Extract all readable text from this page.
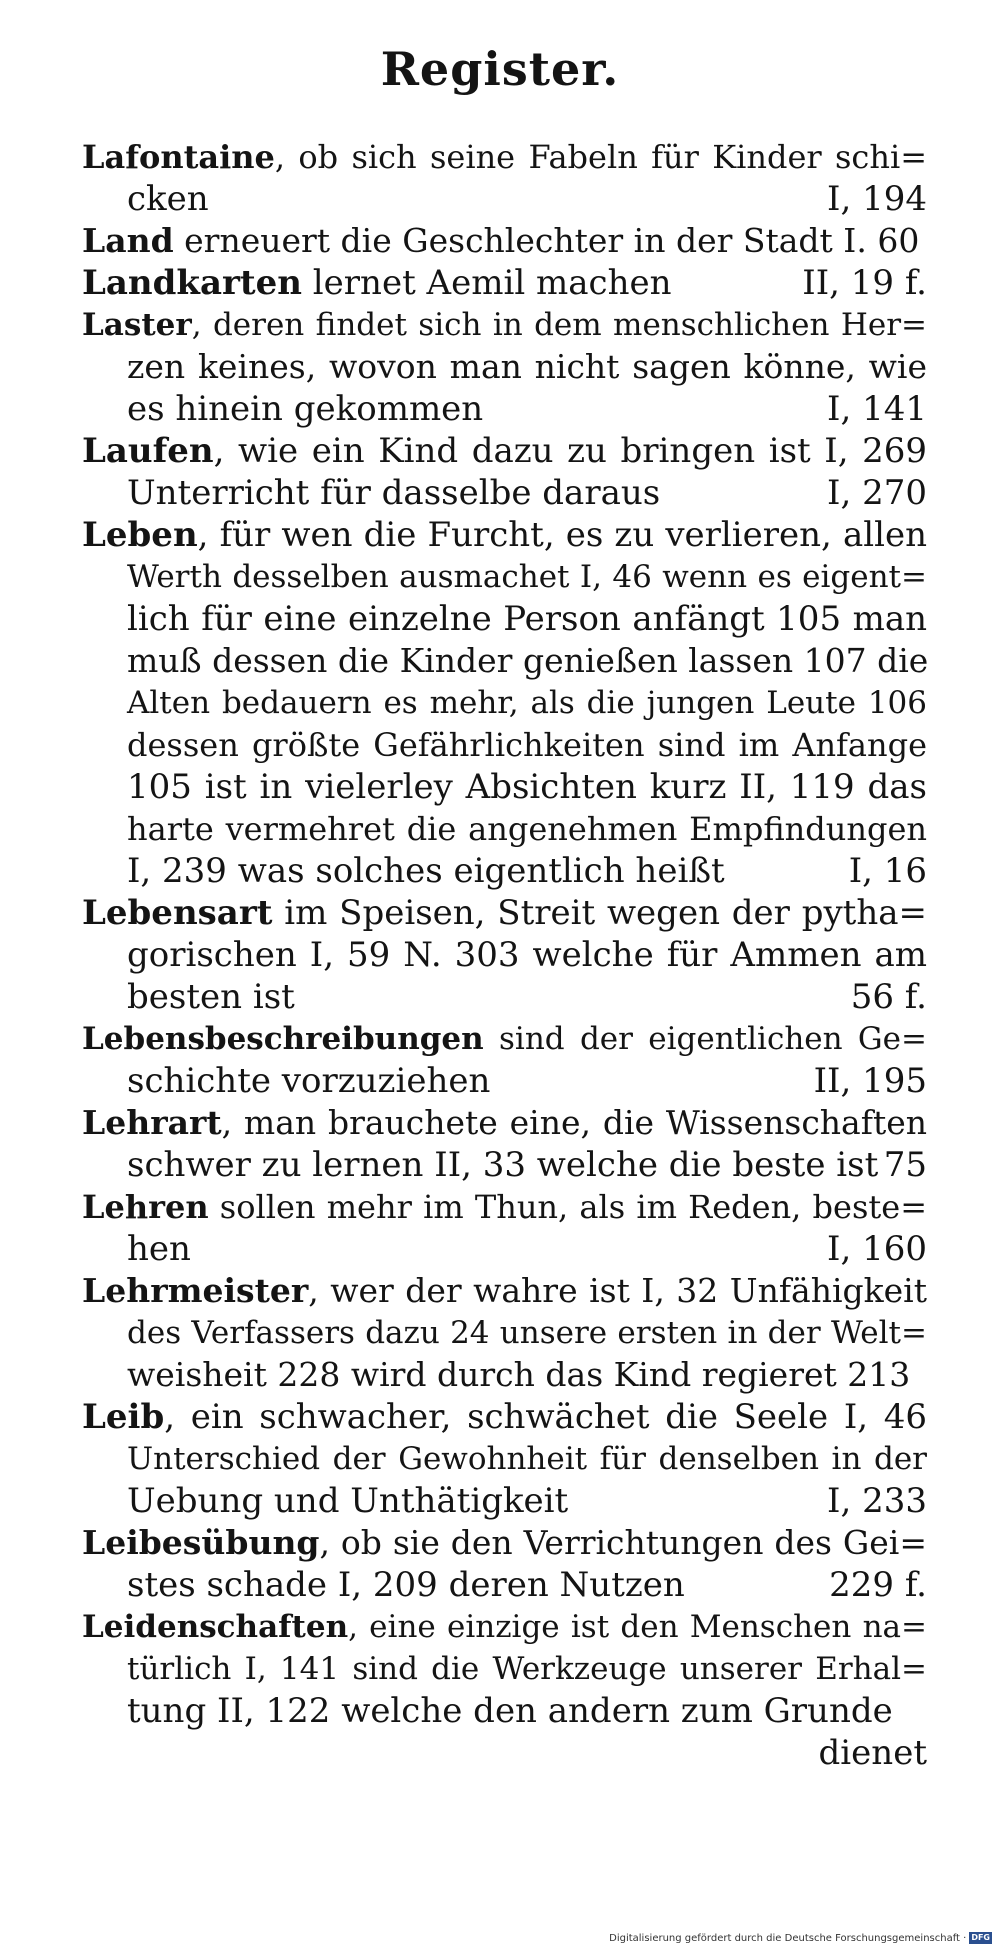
Register.
Lafontaine, ob sich seine Fabeln für Kinder schi=
cken	I, 194
Land erneuert die Geschlechter in der Stadt I. 60
Landkarten lernet Aemil machen	II, 19 f.
Laster, deren findet sich in dem menschlichen Her=
zen keines, wovon man nicht sagen könne, wie
es hinein gekommen	I, 141
Laufen, wie ein Kind dazu zu bringen ist I, 269
Unterricht für dasselbe daraus	I, 270
Leben, für wen die Furcht, es zu verlieren, allen
Werth desselben ausmachet I, 46 wenn es eigent=
lich für eine einzelne Person anfängt 105 man
muß dessen die Kinder genießen lassen 107 die
Alten bedauern es mehr, als die jungen Leute 106
dessen größte Gefährlichkeiten sind im Anfange
105 ist in vielerley Absichten kurz II, 119 das
harte vermehret die angenehmen Empfindungen
I, 239 was solches eigentlich heißt	I, 16
Lebensart im Speisen, Streit wegen der pytha=
gorischen I, 59 N. 303 welche für Ammen am
besten ist	56 f.
Lebensbeschreibungen sind der eigentlichen Ge=
schichte vorzuziehen	II, 195
Lehrart, man brauchete eine, die Wissenschaften
schwer zu lernen II, 33 welche die beste ist 75
Lehren sollen mehr im Thun, als im Reden, beste=
hen	I, 160
Lehrmeister, wer der wahre ist I, 32 Unfähigkeit
des Verfassers dazu 24 unsere ersten in der Welt=
weisheit 228 wird durch das Kind regieret 213
Leib, ein schwacher, schwächet die Seele I, 46
Unterschied der Gewohnheit für denselben in der
Uebung und Unthätigkeit	I, 233
Leibesübung, ob sie den Verrichtungen des Gei=
stes schade I, 209 deren Nutzen	229 f.
Leidenschaften, eine einzige ist den Menschen na=
türlich I, 141 sind die Werkzeuge unserer Erhal=
tung II, 122 welche den andern zum Grunde
dienet
Digitalisierung gefördert durch die Deutsche Forschungsgemeinschaft · DFG
